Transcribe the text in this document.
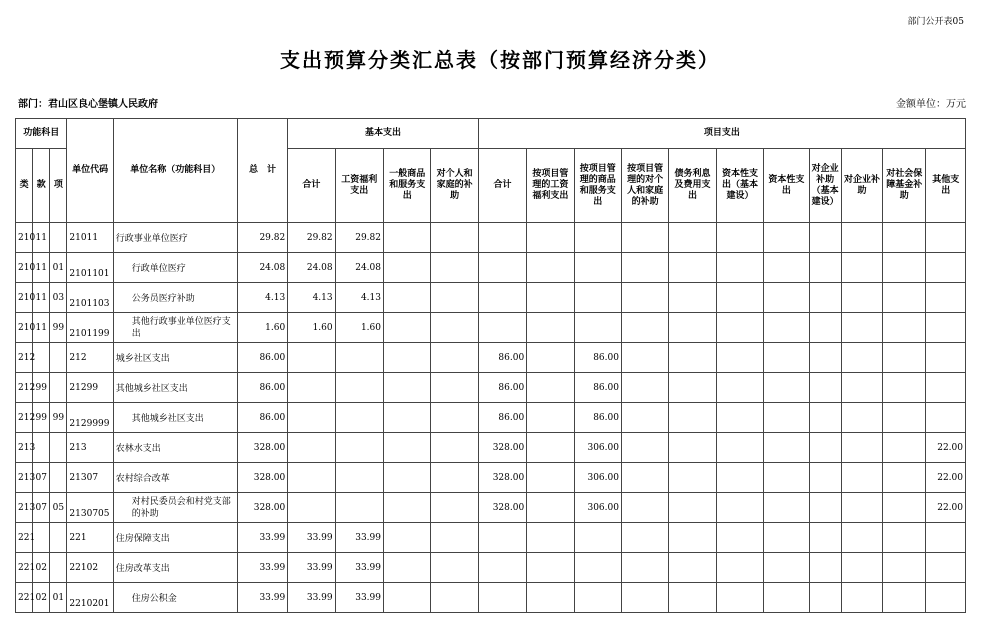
部门公开表05
支出预算分类汇总表（按部门预算经济分类）
部门：君山区良心堡镇人民政府	金额单位：万元
功能科目			单位代码	单位名称（功能科目）	总　计	基本支出				项目支出										
类	款	项				合计	工资福利支出	一般商品和服务支出	对个人和家庭的补助	合计	按项目管理的工资福利支出	按项目管理的商品和服务支出	按项目管理的对个人和家庭的补助	债务利息及费用支出	资本性支出（基本建设）	资本性支出	对企业补助（基本建设）	对企业补助	对社会保障基金补助	其他支出
210	11		21011	行政事业单位医疗	29.82	29.82	29.82													
210	11	01	2101101	行政单位医疗	24.08	24.08	24.08													
210	11	03	2101103	公务员医疗补助	4.13	4.13	4.13													
210	11	99	2101199	其他行政事业单位医疗支出	1.60	1.60	1.60													
212			212	城乡社区支出	86.00					86.00		86.00								
212	99		21299	其他城乡社区支出	86.00					86.00		86.00								
212	99	99	2129999	其他城乡社区支出	86.00					86.00		86.00								
213			213	农林水支出	328.00					328.00		306.00								22.00
213	07		21307	农村综合改革	328.00					328.00		306.00								22.00
213	07	05	2130705	对村民委员会和村党支部的补助	328.00					328.00		306.00								22.00
221			221	住房保障支出	33.99	33.99	33.99													
221	02		22102	住房改革支出	33.99	33.99	33.99													
221	02	01	2210201	住房公积金	33.99	33.99	33.99													
